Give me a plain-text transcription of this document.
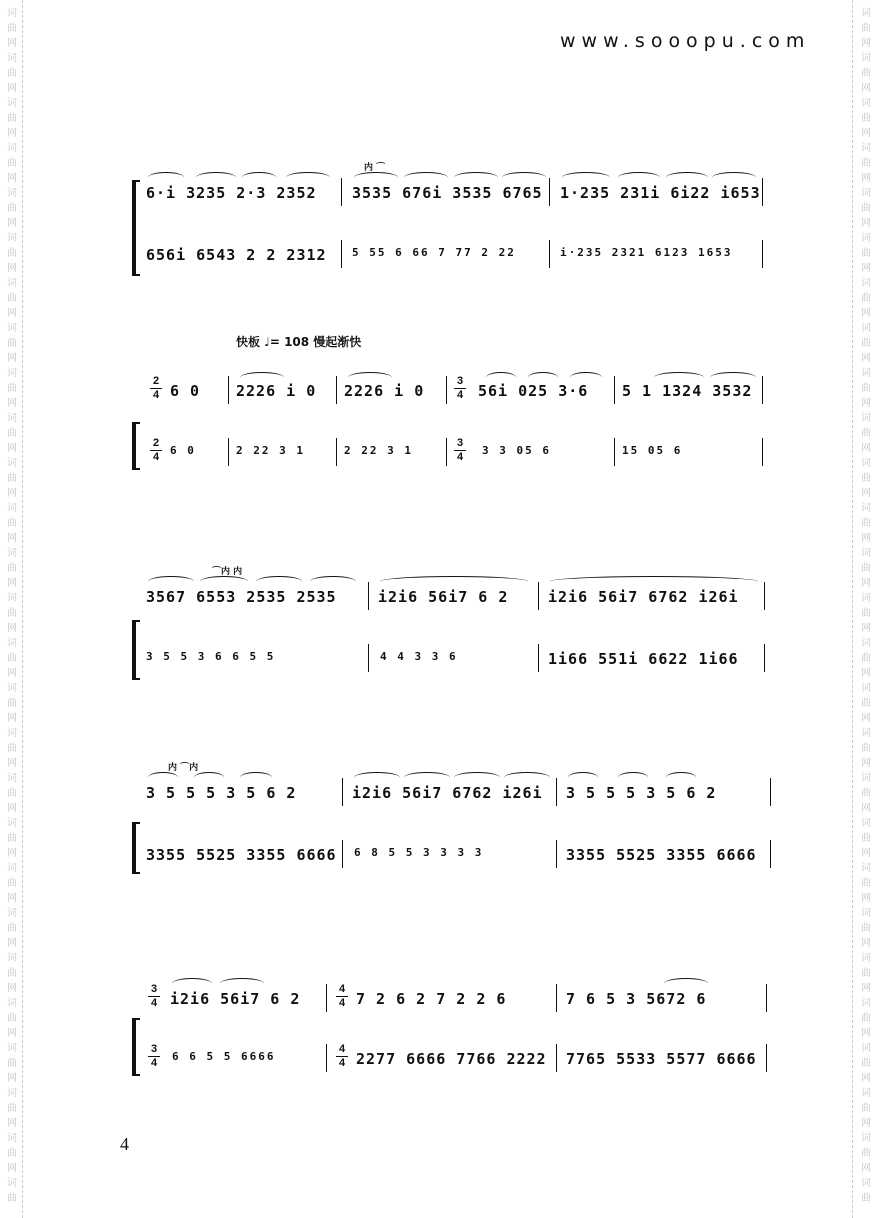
词
曲
网
词
曲
网
词
曲
网
词
曲
网
词
曲
网
词
曲
网
词
曲
网
词
曲
网
词
曲
网
词
曲
网
词
曲
网
词
曲
网
词
曲
网
词
曲
网
词
曲
网
词
曲
网
词
曲
网
词
曲
网
词
曲
网
词
曲
网
词
曲
网
词
曲
网
词
曲
网
词
曲
网
词
曲
网
词
曲
网
词
曲
词
曲
网
词
曲
网
词
曲
网
词
曲
网
词
曲
网
词
曲
网
词
曲
网
词
曲
网
词
曲
网
词
曲
网
词
曲
网
词
曲
网
词
曲
网
词
曲
网
词
曲
网
词
曲
网
词
曲
网
词
曲
网
词
曲
网
词
曲
网
词
曲
网
词
曲
网
词
曲
网
词
曲
网
词
曲
网
词
曲
网
词
曲
www.sooopu.com
快板 ♩= 108 慢起渐快
内 ⌒
6·i 3235 2·3 2352 3535 676i 3535 6765 1·235 231i 6i22 i653
656i 6543 2 2 2312 5 55 6 66 7 77 2 22	i·235 2321 6123 1653
2
4 6 0 2226 i 0 2226 i 0
3
4 56i 025 3·6 5 1 1324 3532
2
4 6 0	2 22 3 1	2 22 3 1
3
4 3 3 05 6	15 05 6
⌒内 内
3567 6553 2535 2535	i2i6 56i7 6 2	i2i6 56i7 6762 i26i
3 5 5 3 6 6 5 5	4 4 3 3 6	1i66 551i 6622 1i66
内 ⌒内
3 5 5 5 3 5 6 2	i2i6 56i7 6762 i26i 3 5 5 5 3 5 6 2
3355 5525 3355 6666 6 8 5 5 3 3 3 3	3355 5525 3355 6666
3
4 i2i6 56i7 6 2
4
4 7 2 6 2 7 2 2 6	7 6 5 3 5672 6
3
4 6 6 5 5 6666
4
4 2277 6666 7766 2222 7765 5533 5577 6666
4
